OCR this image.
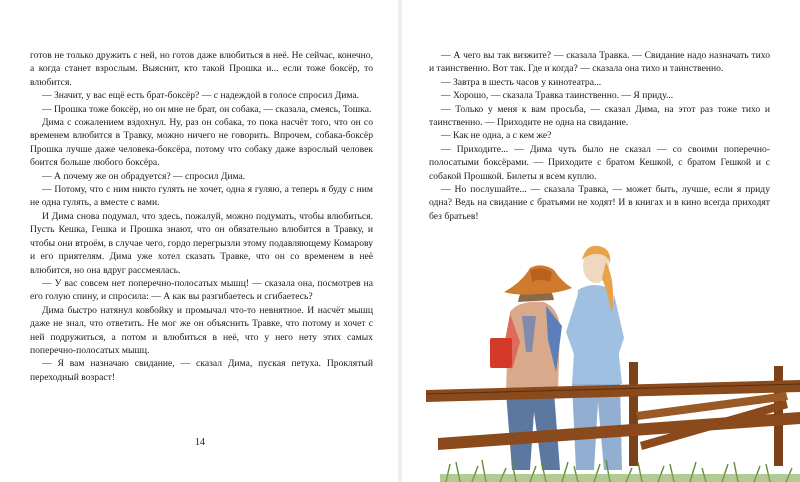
готов не только дружить с ней, но готов даже влюбиться в неё. Не сейчас, конечно, а когда станет взрослым. Выяснит, кто такой Прошка и... если тоже боксёр, то влюбится.

— Значит, у вас ещё есть брат-боксёр? — с надеждой в голосе спросил Дима.

— Прошка тоже боксёр, но он мне не брат, он собака, — сказала, смеясь, Тошка.

Дима с сожалением вздохнул. Ну, раз он собака, то пока насчёт того, что он со временем влюбится в Травку, можно ничего не говорить. Впрочем, собака-боксёр Прошка лучше даже человека-боксёра, потому что собаку даже взрослый человек боится больше любого боксёра.

— А почему же он обрадуется? — спросил Дима.

— Потому, что с ним никто гулять не хочет, одна я гуляю, а теперь я буду с ним не одна гулять, а вместе с вами.

И Дима снова подумал, что здесь, пожалуй, можно подумать, чтобы влюбиться. Пусть Кешка, Гешка и Прошка знают, что он обязательно влюбится в Травку, и чтобы они втроём, в случае чего, гордо перегрызли этому подавляющему Комарову и его приятелям. Дима уже хотел сказать Травке, что он со временем в неё влюбится, но она вдруг рассмеялась.

— У вас совсем нет поперечно-полосатых мышц! — сказала она, посмотрев на его голую спину, и спросила: — А как вы разгибаетесь и сгибаетесь?

Дима быстро натянул ковбойку и промычал что-то невнятное. И насчёт мышц даже не знал, что ответить. Не мог же он объяснить Травке, что потому и хочет с ней подружиться, а потом и влюбиться в неё, что у него нету этих самых поперечно-полосатых мышц.

— Я вам назначаю свидание, — сказал Дима, пуская петуха. Проклятый переходный возраст!

14

— А чего вы так визжите? — сказала Травка. — Свидание надо назначать тихо и таинственно. Вот так. Где и когда? — сказала она тихо и таинственно.

— Завтра в шесть часов у кинотеатра...

— Хорошо, — сказала Травка таинственно. — Я приду...

— Только у меня к вам просьба, — сказал Дима, на этот раз тоже тихо и таинственно. — Приходите не одна на свидание.

— Как не одна, а с кем же?

— Приходите... — Дима чуть было не сказал — со своими поперечно-полосатыми боксёрами. — Приходите с братом Кешкой, с братом Гешкой и с собакой Прошкой. Билеты я всем куплю.

— Но послушайте... — сказала Травка, — может быть, лучше, если я приду одна? Ведь на свидание с братьями не ходят! И в книгах и в кино всегда приходят без братьев!
